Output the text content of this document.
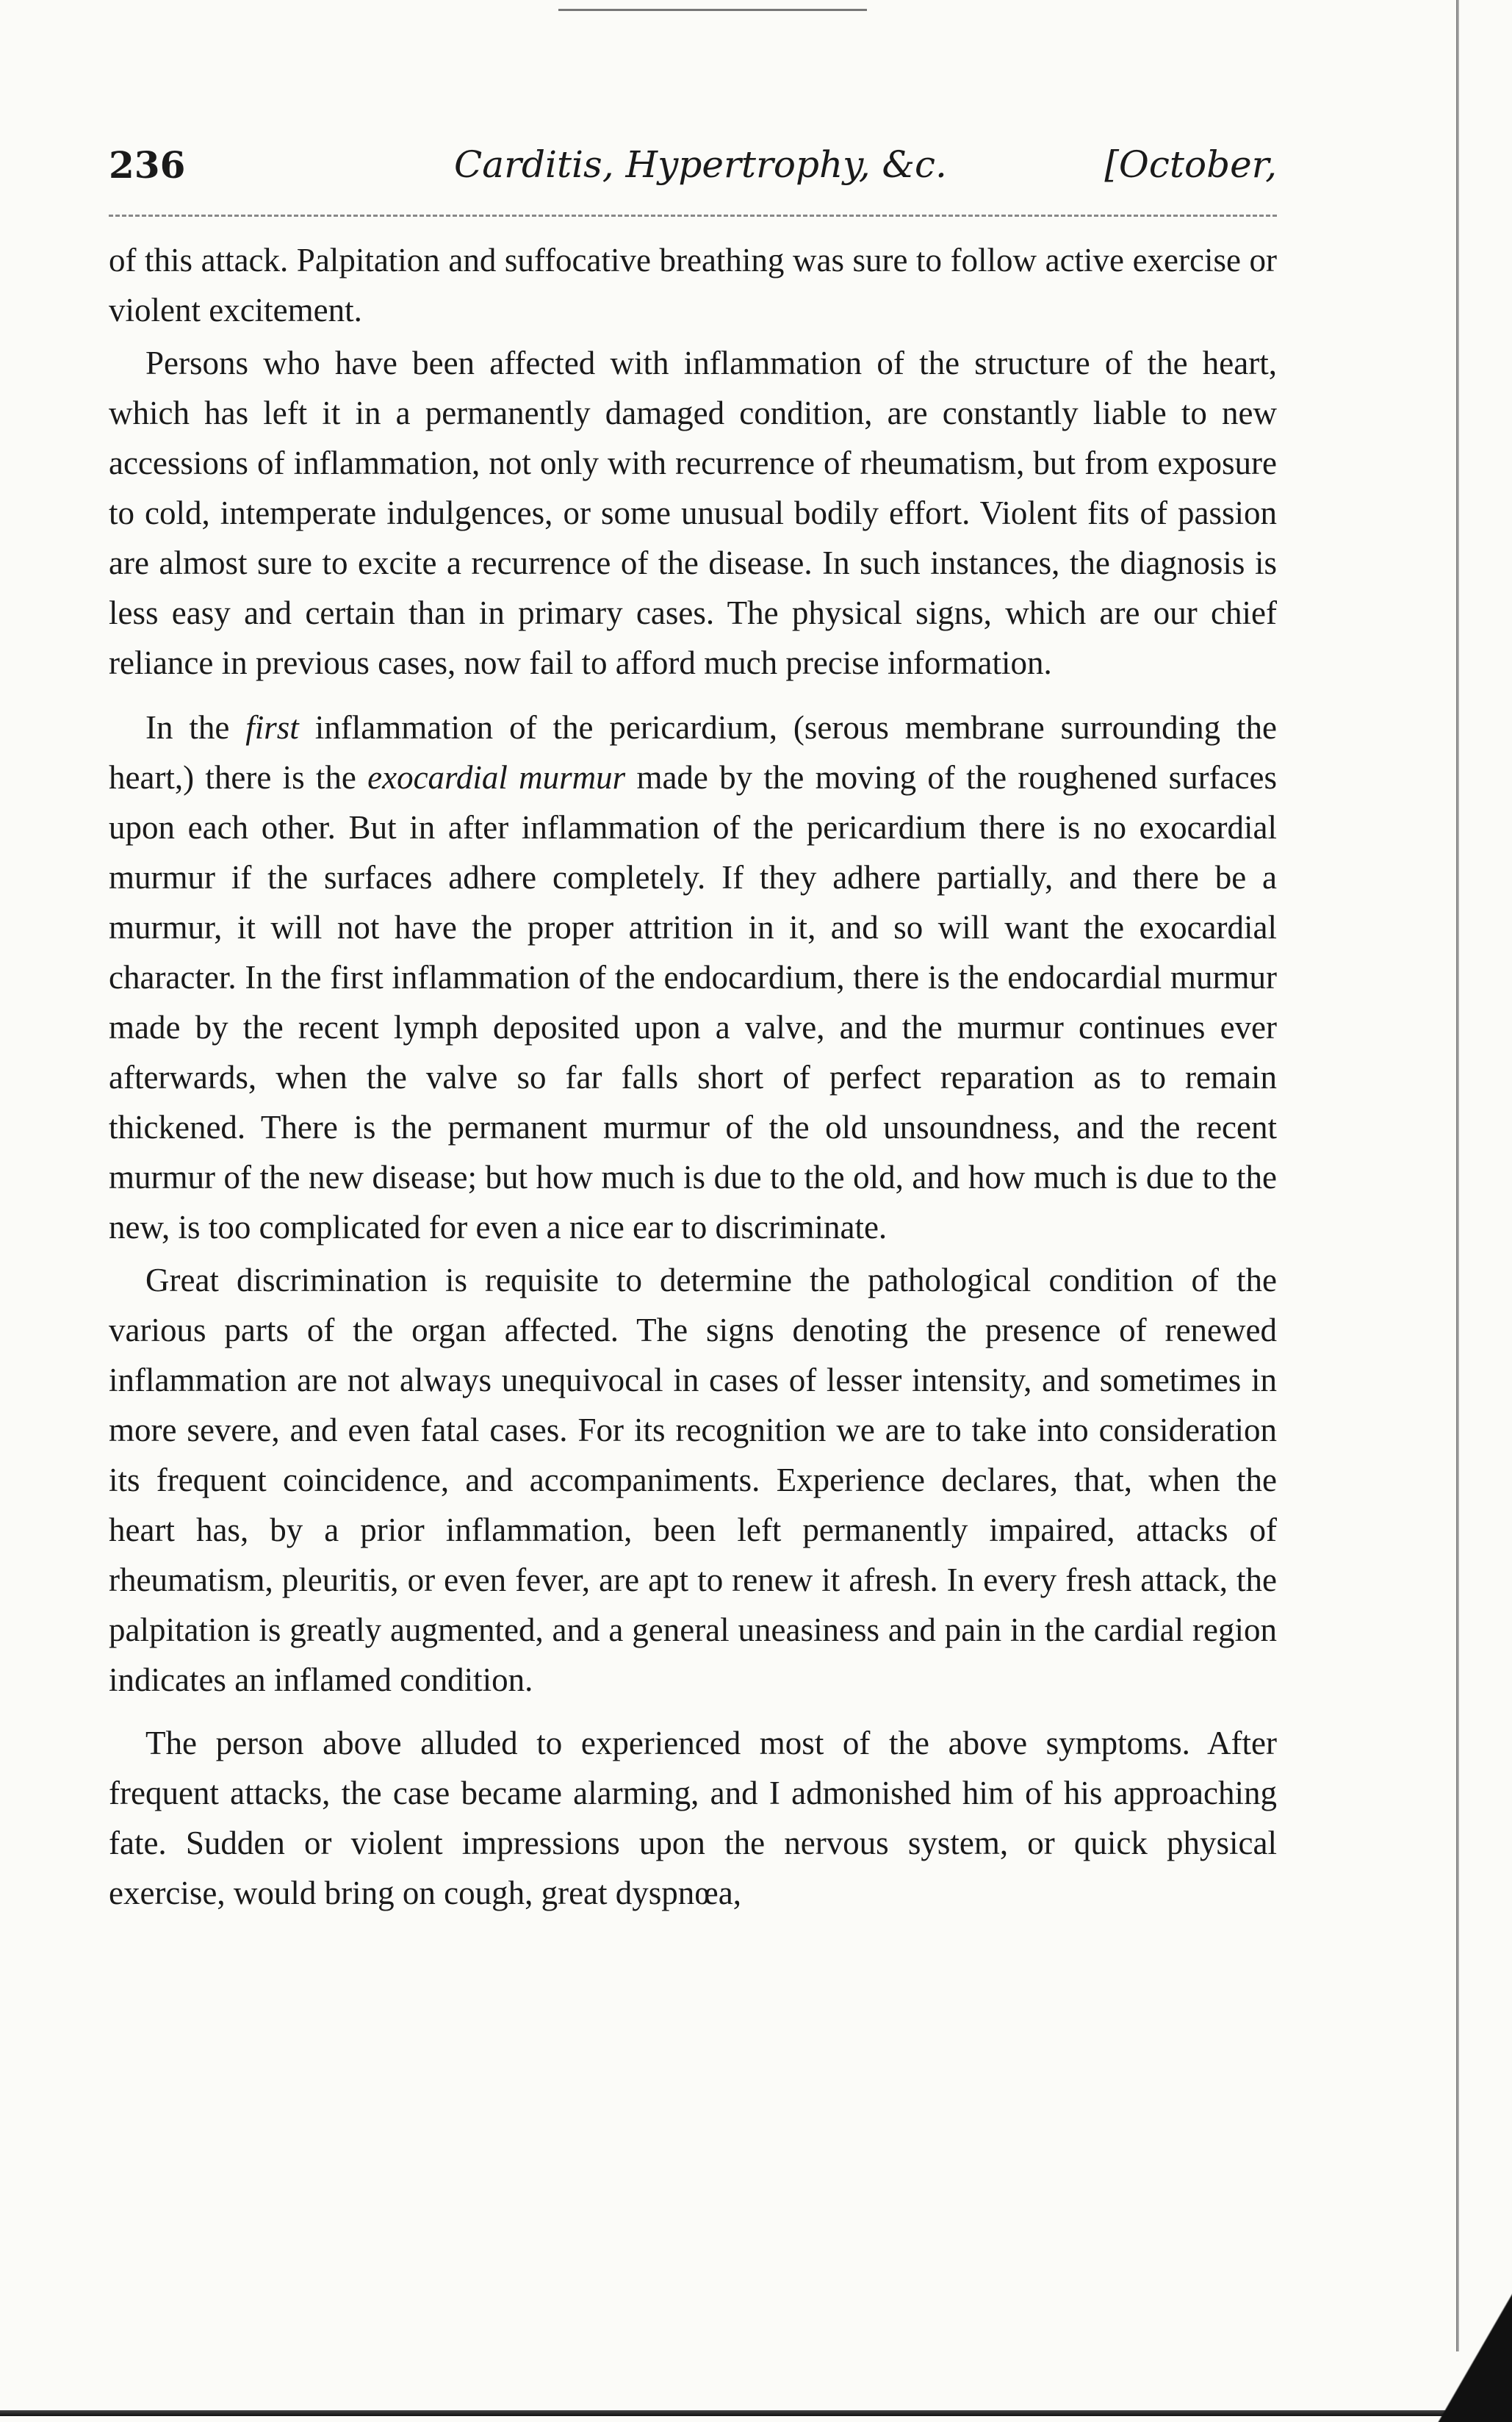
236	Carditis, Hypertrophy, &c.	[October,

of this attack. Palpitation and suffocative breathing was sure to follow active exercise or violent excitement.

Persons who have been affected with inflammation of the structure of the heart, which has left it in a permanently damaged condition, are constantly liable to new accessions of inflammation, not only with recurrence of rheumatism, but from exposure to cold, intemperate indulgences, or some unusual bodily effort. Violent fits of passion are almost sure to excite a recurrence of the disease. In such instances, the diagnosis is less easy and certain than in primary cases. The physical signs, which are our chief reliance in previous cases, now fail to afford much precise information.

In the first inflammation of the pericardium, (serous membrane surrounding the heart,) there is the exocardial murmur made by the moving of the roughened surfaces upon each other. But in after inflammation of the pericardium there is no exocardial murmur if the surfaces adhere completely. If they adhere partially, and there be a murmur, it will not have the proper attrition in it, and so will want the exocardial character. In the first inflammation of the endocardium, there is the endocardial murmur made by the recent lymph deposited upon a valve, and the murmur continues ever afterwards, when the valve so far falls short of perfect reparation as to remain thickened. There is the permanent murmur of the old unsoundness, and the recent murmur of the new disease; but how much is due to the old, and how much is due to the new, is too complicated for even a nice ear to discriminate.

Great discrimination is requisite to determine the pathological condition of the various parts of the organ affected. The signs denoting the presence of renewed inflammation are not always unequivocal in cases of lesser intensity, and sometimes in more severe, and even fatal cases. For its recognition we are to take into consideration its frequent coincidence, and accompaniments. Experience declares, that, when the heart has, by a prior inflammation, been left permanently impaired, attacks of rheumatism, pleuritis, or even fever, are apt to renew it afresh. In every fresh attack, the palpitation is greatly augmented, and a general uneasiness and pain in the cardial region indicates an inflamed condition.

The person above alluded to experienced most of the above symptoms. After frequent attacks, the case became alarming, and I admonished him of his approaching fate. Sudden or violent impressions upon the nervous system, or quick physical exercise, would bring on cough, great dyspnœa,
